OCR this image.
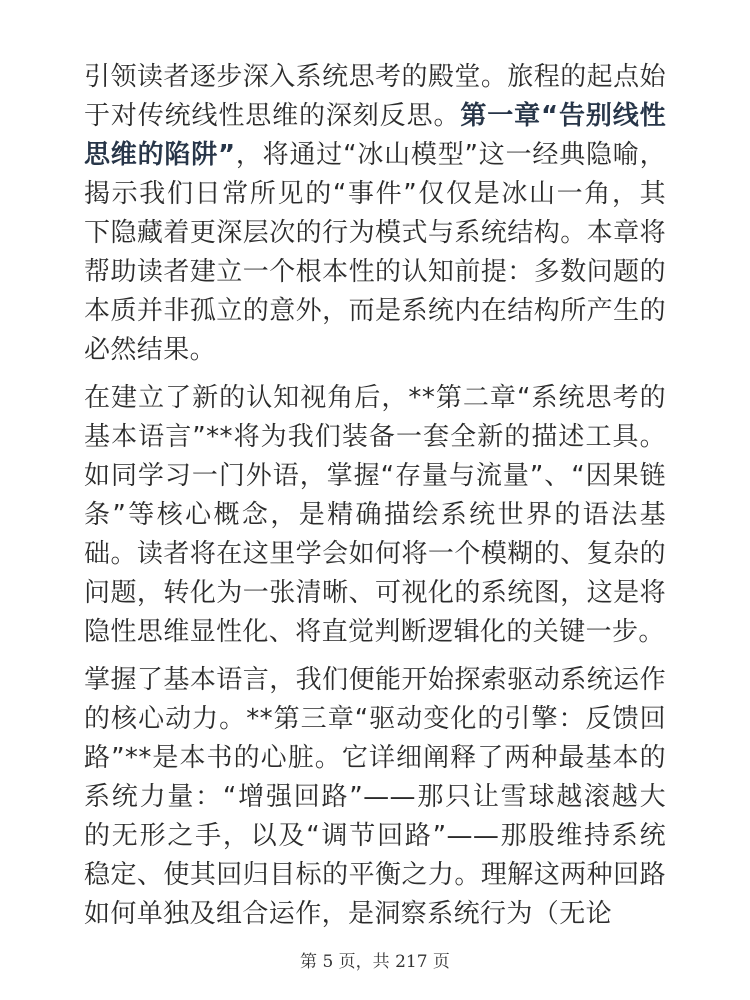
引领读者逐步深入系统思考的殿堂。旅程的起点始于对传统线性思维的深刻反思。第一章“告别线性思维的陷阱”，将通过“冰山模型”这一经典隐喻，揭示我们日常所见的“事件”仅仅是冰山一角，其下隐藏着更深层次的行为模式与系统结构。本章将帮助读者建立一个根本性的认知前提：多数问题的本质并非孤立的意外，而是系统内在结构所产生的必然结果。

在建立了新的认知视角后，**第二章“系统思考的基本语言”**将为我们装备一套全新的描述工具。如同学习一门外语，掌握“存量与流量”、“因果链条”等核心概念，是精确描绘系统世界的语法基础。读者将在这里学会如何将一个模糊的、复杂的问题，转化为一张清晰、可视化的系统图，这是将隐性思维显性化、将直觉判断逻辑化的关键一步。

掌握了基本语言，我们便能开始探索驱动系统运作的核心动力。**第三章“驱动变化的引擎：反馈回路”**是本书的心脏。它详细阐释了两种最基本的系统力量：“增强回路”——那只让雪球越滚越大的无形之手，以及“调节回路”——那股维持系统稳定、使其回归目标的平衡之力。理解这两种回路如何单独及组合运作，是洞察系统行为（无论

第 5 页，共 217 页
